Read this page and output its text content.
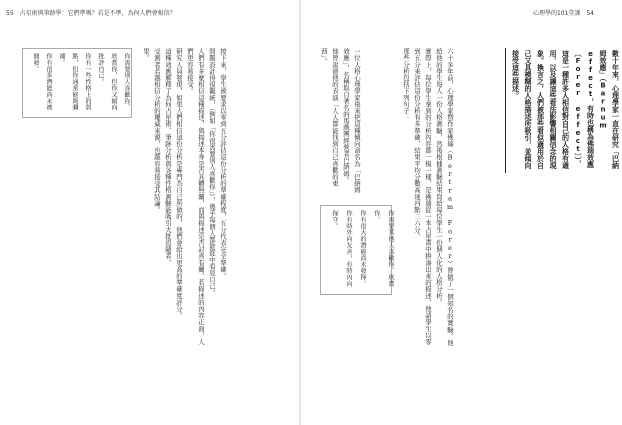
55 占星術與筆跡學：它們準嗎？若是不準，為何人們會相信？
你需要別人喜歡你、欣賞你，但你又傾向批評自己。
你有一些性格上的弱點，但你通常能夠彌補。
你有很多潛能尚未被開發。	接下來，學生被要求以零到五分評估這份分析的準確程度，五分代表完全準確。
問題設計得很籠統，（例如「你很需要別人喜歡你」），幾乎每個人都能從中看見自己。
人們有多麼相信這種描述，與描述本身是否具體無關，而與描述是否討喜有關。若描述的內容正面，人們更容易接受。
研究人員發現，如果人們相信這份分析是專門為自己所做的，他們會給出更高的準確度評分。
這種效應解釋了為何占星術、筆跡分析與各種性格測驗能吸引大批追隨者。
受測者若越相信分析的權威來源，也越容易接受其結論。
果。
心理學的101堂課 54
數十年來，心理學家一直在研究「巴納姆效應」（Barnum effect，有時也稱為佛瑞效應〔Forer effect〕），這是一種許多人相信對自己的人格有適用，以及讓這些看法影響相關信念的現象。換言之，人們被那些看似適用於自己又具模糊的人格描述所吸引，並傾向接受這些描述。
六十多年前，心理學家暨作家佛瑞（Bertram Forer）曾做了一個知名的實驗。他給他的學生每人一份人格測驗，然後根據測驗結果寫給每位學生一份個人化的人格分析。
實際上，每位學生拿到的分析內容都一模一樣，是佛瑞從一本占星書中拼湊出來的描述。他請學生以零到五分來評估這份分析有多準確，結果平均分數高達四點二六分。
那些分析包括下列句子：
你需要其他人喜歡你、欣賞你。
你有很大的潛能尚未發揮。
你有時外向友善，有時內向保守。
一位人格心理學家後來把這種傾向命名為「巴納姆效應」，名稱取自著名的馬戲團經營者巴納姆。
他曾說過他的表演「人人都能找到自己喜歡的東西」。
